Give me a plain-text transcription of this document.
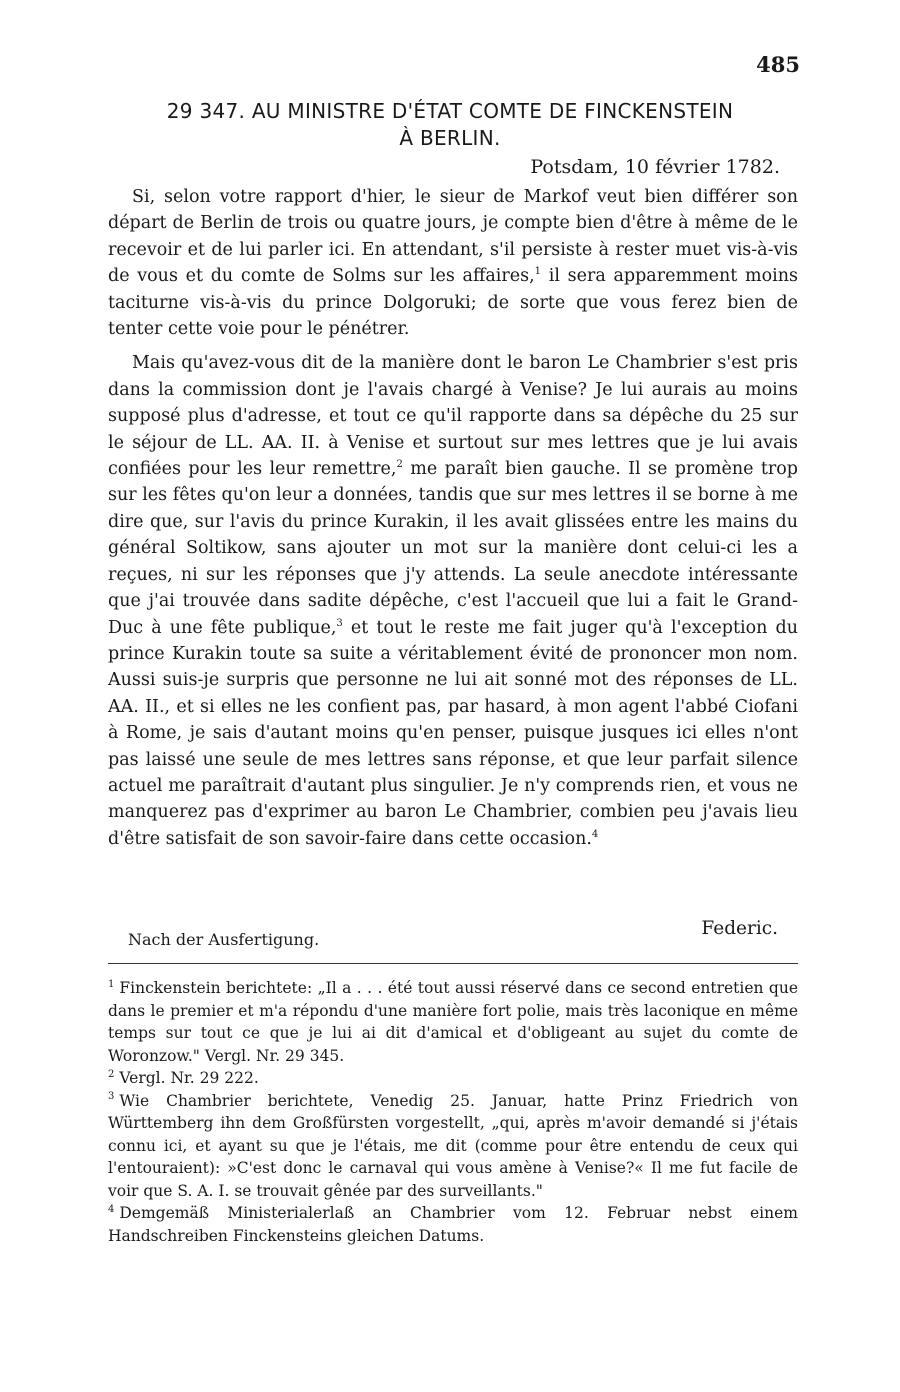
485
29 347. AU MINISTRE D'ÉTAT COMTE DE FINCKENSTEIN
À BERLIN.
Potsdam, 10 février 1782.

Si, selon votre rapport d'hier, le sieur de Markof veut bien différer son départ de Berlin de trois ou quatre jours, je compte bien d'être à même de le recevoir et de lui parler ici. En attendant, s'il persiste à rester muet vis-à-vis de vous et du comte de Solms sur les affaires,$^1$ il sera apparemment moins taciturne vis-à-vis du prince Dolgoruki; de sorte que vous ferez bien de tenter cette voie pour le pénétrer.

Mais qu'avez-vous dit de la manière dont le baron Le Chambrier s'est pris dans la commission dont je l'avais chargé à Venise? Je lui aurais au moins supposé plus d'adresse, et tout ce qu'il rapporte dans sa dépêche du 25 sur le séjour de LL. AA. II. à Venise et surtout sur mes lettres que je lui avais confiées pour les leur remettre,$^2$ me paraît bien gauche. Il se promène trop sur les fêtes qu'on leur a données, tandis que sur mes lettres il se borne à me dire que, sur l'avis du prince Kurakin, il les avait glissées entre les mains du général Soltikow, sans ajouter un mot sur la manière dont celui-ci les a reçues, ni sur les réponses que j'y attends. La seule anecdote intéressante que j'ai trouvée dans sadite dépêche, c'est l'accueil que lui a fait le Grand-Duc à une fête publique,$^3$ et tout le reste me fait juger qu'à l'exception du prince Kurakin toute sa suite a véritablement évité de prononcer mon nom. Aussi suis-je surpris que personne ne lui ait sonné mot des réponses de LL. AA. II., et si elles ne les confient pas, par hasard, à mon agent l'abbé Ciofani à Rome, je sais d'autant moins qu'en penser, puisque jusques ici elles n'ont pas laissé une seule de mes lettres sans réponse, et que leur parfait silence actuel me paraîtrait d'autant plus singulier. Je n'y comprends rien, et vous ne manquerez pas d'exprimer au baron Le Chambrier, combien peu j'avais lieu d'être satisfait de son savoir-faire dans cette occasion.$^4$

Nach der Ausfertigung.
Federic.

$^1$ Finckenstein berichtete: „Il a . . . été tout aussi réservé dans ce second entretien que dans le premier et m'a répondu d'une manière fort polie, mais très laconique en même temps sur tout ce que je lui ai dit d'amical et d'obligeant au sujet du comte de Woronzow." Vergl. Nr. 29 345.

$^2$ Vergl. Nr. 29 222.

$^3$ Wie Chambrier berichtete, Venedig 25. Januar, hatte Prinz Friedrich von Württemberg ihn dem Großfürsten vorgestellt, „qui, après m'avoir demandé si j'étais connu ici, et ayant su que je l'étais, me dit (comme pour être entendu de ceux qui l'entouraient): »C'est donc le carnaval qui vous amène à Venise?« Il me fut facile de voir que S. A. I. se trouvait gênée par des surveillants."

$^4$ Demgemäß Ministerialerlaß an Chambrier vom 12. Februar nebst einem Handschreiben Finckensteins gleichen Datums.
